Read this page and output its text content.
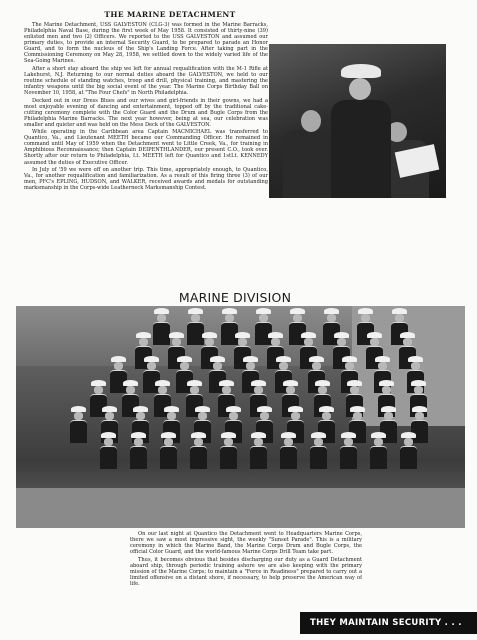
THE MARINE DETACHMENT

The Marine Detachment, USS GALVESTON (CLG-3) was formed in the Marine Barracks, Philadelphia Naval Base, during the first week of May 1958. It consisted of thirty-nine (39) enlisted men and two (2) Officers. We reported to the USS GALVESTON and assumed our primary duties, to provide an internal Security Guard, to be prepared to parade an Honor Guard, and to form the nucleus of the Ship's Landing Force. After taking part in the Commissioning Ceremony on May 28, 1958, we settled down to the widely varied life of the Sea-Going Marines.

After a short stay aboard the ship we left for annual requalification with the M-1 Rifle at Lakehurst, N.J. Returning to our normal duties aboard the GALVESTON, we held to our routine schedule of standing watches, troop and drill, physical training, and mastering the infantry weapons until the big social event of the year. The Marine Corps Birthday Ball on November 10, 1958, at "The Four Chefs" in North Philadelphia.

Decked out in our Dress Blues and our wives and girl-friends in their gowns, we had a most enjoyable evening of dancing and entertainment, topped off by the traditional cake-cutting ceremony complete with the Color Guard and the Drum and Bugle Corps from the Philadelphia Marine Barracks. The next year however, being at sea, our celebration was smaller and quieter and was held on the Mess Deck of the GALVESTON.

While operating in the Caribbean area Captain MACMICHAEL was transferred to Quantico, Va., and Lieutenant MEETH became our Commanding Officer. He remained in command until May of 1959 when the Detachment went to Little Creek, Va., for training in Amphibious Reconnaissance; then Captain DEIPENTHLANDER, our present C.O., took over. Shortly after our return to Philadelphia, Lt. MEETH left for Quantico and 1stLt. KENNEDY assumed the duties of Executive Officer.

In July of '59 we were off on another trip. This time, appropriately enough, to Quantico, Va., for another requalification and familiarization. As a result of this firing three (3) of our men, PFC's EPLING, HUDSON, and WALKER, received awards and medals for outstanding marksmanship in the Corps-wide Leatherneck Marksmanship Contest.

MARINE DIVISION

On our last night at Quantico the Detachment went to Headquarters Marine Corps, there we saw a most impressive sight, the weekly "Sunset Parade". This is a military ceremony in which the Marine Band, the Marine Corps Drum and Bugle Corps, the official Color Guard, and the world-famous Marine Corps Drill Team take part.

Thus, it becomes obvious that besides discharging our duty as a Guard Detachment aboard ship, through periodic training ashore we are also keeping with the primary mission of the Marine Corps; to maintain a "Force in Readiness" prepared to carry out a limited offensive on a distant shore, if necessary, to help preserve the American way of life.

THEY MAINTAIN SECURITY . . .
